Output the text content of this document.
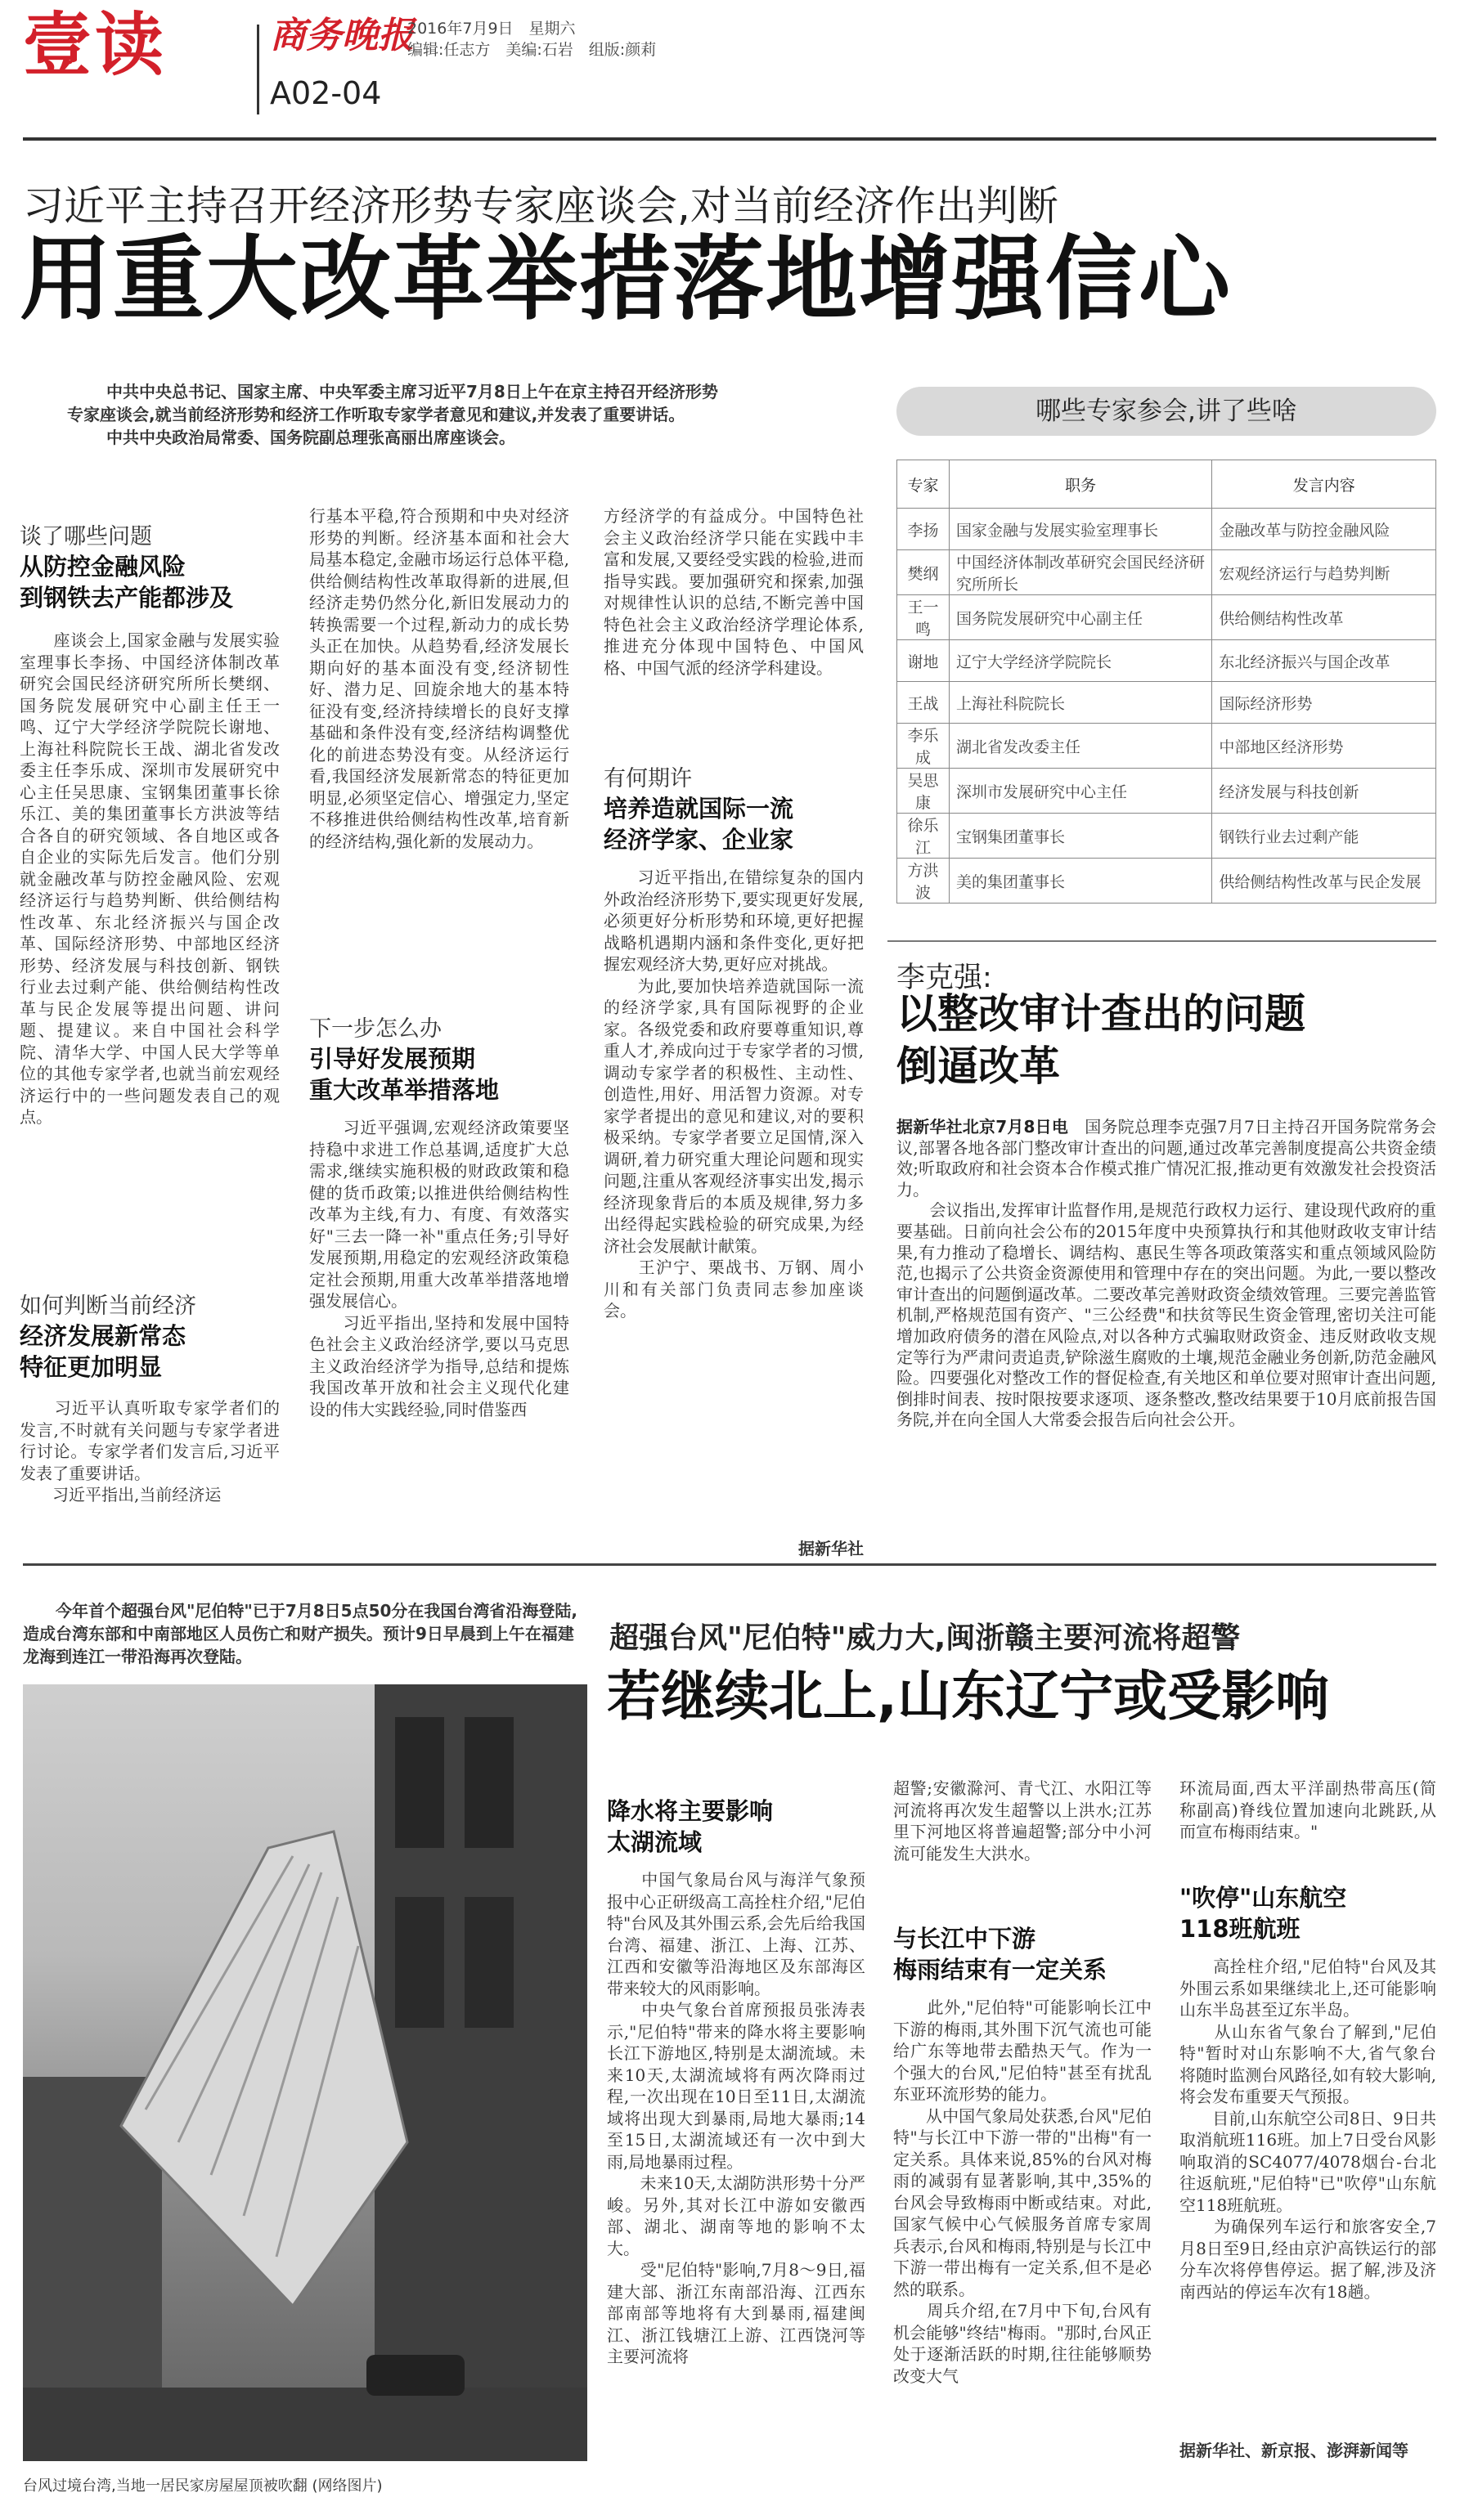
壹读	商务晚报
2016年7月9日　星期六
编辑:任志方　美编:石岩　组版:颜莉
A02-04
习近平主持召开经济形势专家座谈会,对当前经济作出判断
用重大改革举措落地增强信心
中共中央总书记、国家主席、中央军委主席习近平7月8日上午在京主持召开经济形势
专家座谈会,就当前经济形势和经济工作听取专家学者意见和建议,并发表了重要讲话。
中共中央政治局常委、国务院副总理张高丽出席座谈会。
谈了哪些问题
从防控金融风险
到钢铁去产能都涉及
　　座谈会上,国家金融与发展实验室理事长李扬、中国经济体制改革研究会国民经济研究所所长樊纲、国务院发展研究中心副主任王一鸣、辽宁大学经济学院院长谢地、上海社科院院长王战、湖北省发改委主任李乐成、深圳市发展研究中心主任吴思康、宝钢集团董事长徐乐江、美的集团董事长方洪波等结合各自的研究领域、各自地区或各自企业的实际先后发言。他们分别就金融改革与防控金融风险、宏观经济运行与趋势判断、供给侧结构性改革、东北经济振兴与国企改革、国际经济形势、中部地区经济形势、经济发展与科技创新、钢铁行业去过剩产能、供给侧结构性改革与民企发展等提出问题、讲问题、提建议。来自中国社会科学院、清华大学、中国人民大学等单位的其他专家学者,也就当前宏观经济运行中的一些问题发表自己的观点。
如何判断当前经济
经济发展新常态
特征更加明显
　　习近平认真听取专家学者们的发言,不时就有关问题与专家学者进行讨论。专家学者们发言后,习近平发表了重要讲话。
　　习近平指出,当前经济运
行基本平稳,符合预期和中央对经济形势的判断。经济基本面和社会大局基本稳定,金融市场运行总体平稳,供给侧结构性改革取得新的进展,但经济走势仍然分化,新旧发展动力的转换需要一个过程,新动力的成长势头正在加快。从趋势看,经济发展长期向好的基本面没有变,经济韧性好、潜力足、回旋余地大的基本特征没有变,经济持续增长的良好支撑基础和条件没有变,经济结构调整优化的前进态势没有变。从经济运行看,我国经济发展新常态的特征更加明显,必须坚定信心、增强定力,坚定不移推进供给侧结构性改革,培育新的经济结构,强化新的发展动力。
下一步怎么办
引导好发展预期
重大改革举措落地
　　习近平强调,宏观经济政策要坚持稳中求进工作总基调,适度扩大总需求,继续实施积极的财政政策和稳健的货币政策;以推进供给侧结构性改革为主线,有力、有度、有效落实好"三去一降一补"重点任务;引导好发展预期,用稳定的宏观经济政策稳定社会预期,用重大改革举措落地增强发展信心。
　　习近平指出,坚持和发展中国特色社会主义政治经济学,要以马克思主义政治经济学为指导,总结和提炼我国改革开放和社会主义现代化建设的伟大实践经验,同时借鉴西
方经济学的有益成分。中国特色社会主义政治经济学只能在实践中丰富和发展,又要经受实践的检验,进而指导实践。要加强研究和探索,加强对规律性认识的总结,不断完善中国特色社会主义政治经济学理论体系,推进充分体现中国特色、中国风格、中国气派的经济学科建设。
有何期许
培养造就国际一流
经济学家、企业家
　　习近平指出,在错综复杂的国内外政治经济形势下,要实现更好发展,必须更好分析形势和环境,更好把握战略机遇期内涵和条件变化,更好把握宏观经济大势,更好应对挑战。
　　为此,要加快培养造就国际一流的经济学家,具有国际视野的企业家。各级党委和政府要尊重知识,尊重人才,养成向过于专家学者的习惯,调动专家学者的积极性、主动性、创造性,用好、用活智力资源。对专家学者提出的意见和建议,对的要积极采纳。专家学者要立足国情,深入调研,着力研究重大理论问题和现实问题,注重从客观经济事实出发,揭示经济现象背后的本质及规律,努力多出经得起实践检验的研究成果,为经济社会发展献计献策。
　　王沪宁、栗战书、万钢、周小川和有关部门负责同志参加座谈会。
据新华社
哪些专家参会,讲了些啥
专家	职务	发言内容
李扬	国家金融与发展实验室理事长	金融改革与防控金融风险
樊纲	中国经济体制改革研究会国民经济研究所所长	宏观经济运行与趋势判断
王一鸣	国务院发展研究中心副主任	供给侧结构性改革
谢地	辽宁大学经济学院院长	东北经济振兴与国企改革
王战	上海社科院院长	国际经济形势
李乐成	湖北省发改委主任	中部地区经济形势
吴思康	深圳市发展研究中心主任	经济发展与科技创新
徐乐江	宝钢集团董事长	钢铁行业去过剩产能
方洪波	美的集团董事长	供给侧结构性改革与民企发展
李克强:
以整改审计查出的问题
倒逼改革
据新华社北京7月8日电　国务院总理李克强7月7日主持召开国务院常务会议,部署各地各部门整改审计查出的问题,通过改革完善制度提高公共资金绩效;听取政府和社会资本合作模式推广情况汇报,推动更有效激发社会投资活力。
　　会议指出,发挥审计监督作用,是规范行政权力运行、建设现代政府的重要基础。日前向社会公布的2015年度中央预算执行和其他财政收支审计结果,有力推动了稳增长、调结构、惠民生等各项政策落实和重点领域风险防范,也揭示了公共资金资源使用和管理中存在的突出问题。为此,一要以整改审计查出的问题倒逼改革。二要改革完善财政资金绩效管理。三要完善监管机制,严格规范国有资产、"三公经费"和扶贫等民生资金管理,密切关注可能增加政府债务的潜在风险点,对以各种方式骗取财政资金、违反财政收支规定等行为严肃问责追责,铲除滋生腐败的土壤,规范金融业务创新,防范金融风险。四要强化对整改工作的督促检查,有关地区和单位要对照审计查出问题,倒排时间表、按时限按要求逐项、逐条整改,整改结果要于10月底前报告国务院,并在向全国人大常委会报告后向社会公开。
　　今年首个超强台风"尼伯特"已于7月8日5点50分在我国台湾省沿海登陆,造成台湾东部和中南部地区人员伤亡和财产损失。预计9日早晨到上午在福建龙海到连江一带沿海再次登陆。
台风过境台湾,当地一居民家房屋屋顶被吹翻 (网络图片)
超强台风"尼伯特"威力大,闽浙赣主要河流将超警
若继续北上,山东辽宁或受影响
降水将主要影响
太湖流域
　　中国气象局台风与海洋气象预报中心正研级高工高拴柱介绍,"尼伯特"台风及其外围云系,会先后给我国台湾、福建、浙江、上海、江苏、江西和安徽等沿海地区及东部海区带来较大的风雨影响。
　　中央气象台首席预报员张涛表示,"尼伯特"带来的降水将主要影响长江下游地区,特别是太湖流域。未来10天,太湖流域将有两次降雨过程,一次出现在10日至11日,太湖流域将出现大到暴雨,局地大暴雨;14至15日,太湖流域还有一次中到大雨,局地暴雨过程。
　　未来10天,太湖防洪形势十分严峻。另外,其对长江中游如安徽西部、湖北、湖南等地的影响不太大。
　　受"尼伯特"影响,7月8～9日,福建大部、浙江东南部沿海、江西东部南部等地将有大到暴雨,福建闽江、浙江钱塘江上游、江西饶河等主要河流将
超警;安徽滁河、青弋江、水阳江等河流将再次发生超警以上洪水;江苏里下河地区将普遍超警;部分中小河流可能发生大洪水。
与长江中下游
梅雨结束有一定关系
　　此外,"尼伯特"可能影响长江中下游的梅雨,其外围下沉气流也可能给广东等地带去酷热天气。作为一个强大的台风,"尼伯特"甚至有扰乱东亚环流形势的能力。
　　从中国气象局处获悉,台风"尼伯特"与长江中下游一带的"出梅"有一定关系。具体来说,85%的台风对梅雨的减弱有显著影响,其中,35%的台风会导致梅雨中断或结束。对此,国家气候中心气候服务首席专家周兵表示,台风和梅雨,特别是与长江中下游一带出梅有一定关系,但不是必然的联系。
　　周兵介绍,在7月中下旬,台风有机会能够"终结"梅雨。"那时,台风正处于逐渐活跃的时期,往往能够顺势改变大气
环流局面,西太平洋副热带高压(简称副高)脊线位置加速向北跳跃,从而宣布梅雨结束。"
"吹停"山东航空
118班航班
　　高拴柱介绍,"尼伯特"台风及其外围云系如果继续北上,还可能影响山东半岛甚至辽东半岛。
　　从山东省气象台了解到,"尼伯特"暂时对山东影响不大,省气象台将随时监测台风路径,如有较大影响,将会发布重要天气预报。
　　目前,山东航空公司8日、9日共取消航班116班。加上7日受台风影响取消的SC4077/4078烟台-台北往返航班,"尼伯特"已"吹停"山东航空118班航班。
　　为确保列车运行和旅客安全,7月8日至9日,经由京沪高铁运行的部分车次将停售停运。据了解,涉及济南西站的停运车次有18趟。
据新华社、新京报、澎湃新闻等
